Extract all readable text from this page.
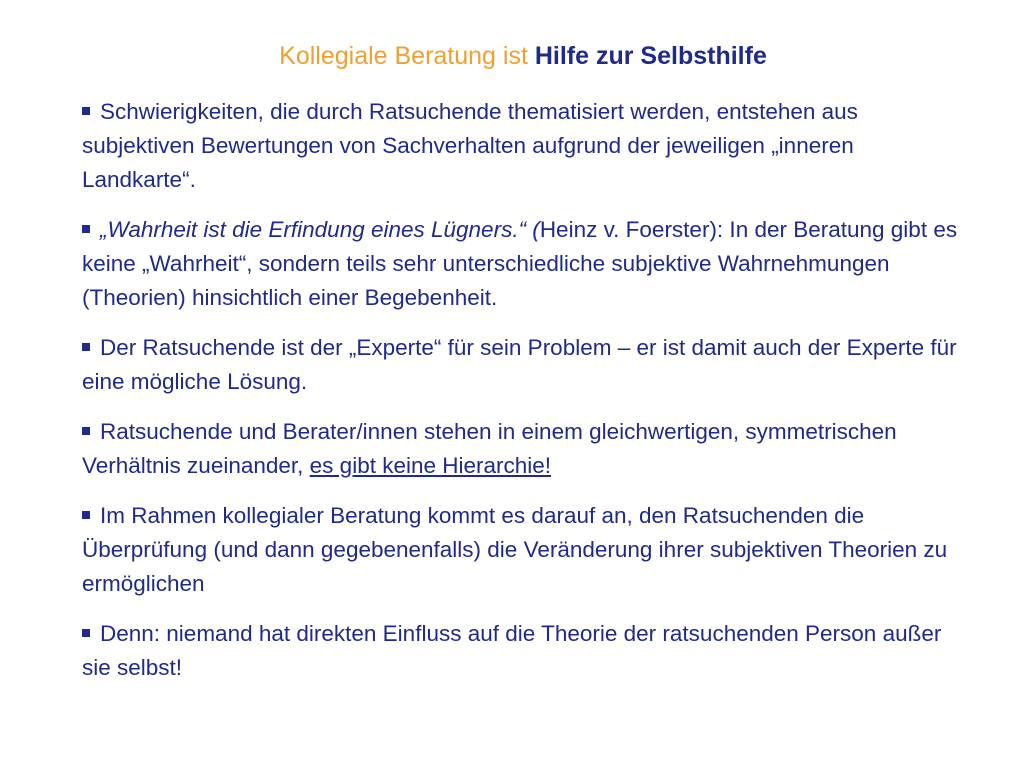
Kollegiale Beratung ist Hilfe zur Selbsthilfe
Schwierigkeiten, die durch Ratsuchende thematisiert werden, entstehen aus subjektiven Bewertungen von Sachverhalten aufgrund der jeweiligen „inneren Landkarte“.
„Wahrheit ist die Erfindung eines Lügners.“ (Heinz v. Foerster): In der Beratung gibt es keine „Wahrheit“, sondern teils sehr unterschiedliche subjektive Wahrnehmungen (Theorien) hinsichtlich einer Begebenheit.
Der Ratsuchende ist der „Experte“ für sein Problem – er ist damit auch der Experte für eine mögliche Lösung.
Ratsuchende und Berater/innen stehen in einem gleichwertigen, symmetrischen Verhältnis zueinander, es gibt keine Hierarchie!
Im Rahmen kollegialer Beratung kommt es darauf an, den Ratsuchenden die Überprüfung (und dann gegebenenfalls) die Veränderung ihrer subjektiven Theorien zu ermöglichen
Denn: niemand hat direkten Einfluss auf die Theorie der ratsuchenden Person außer sie selbst!
